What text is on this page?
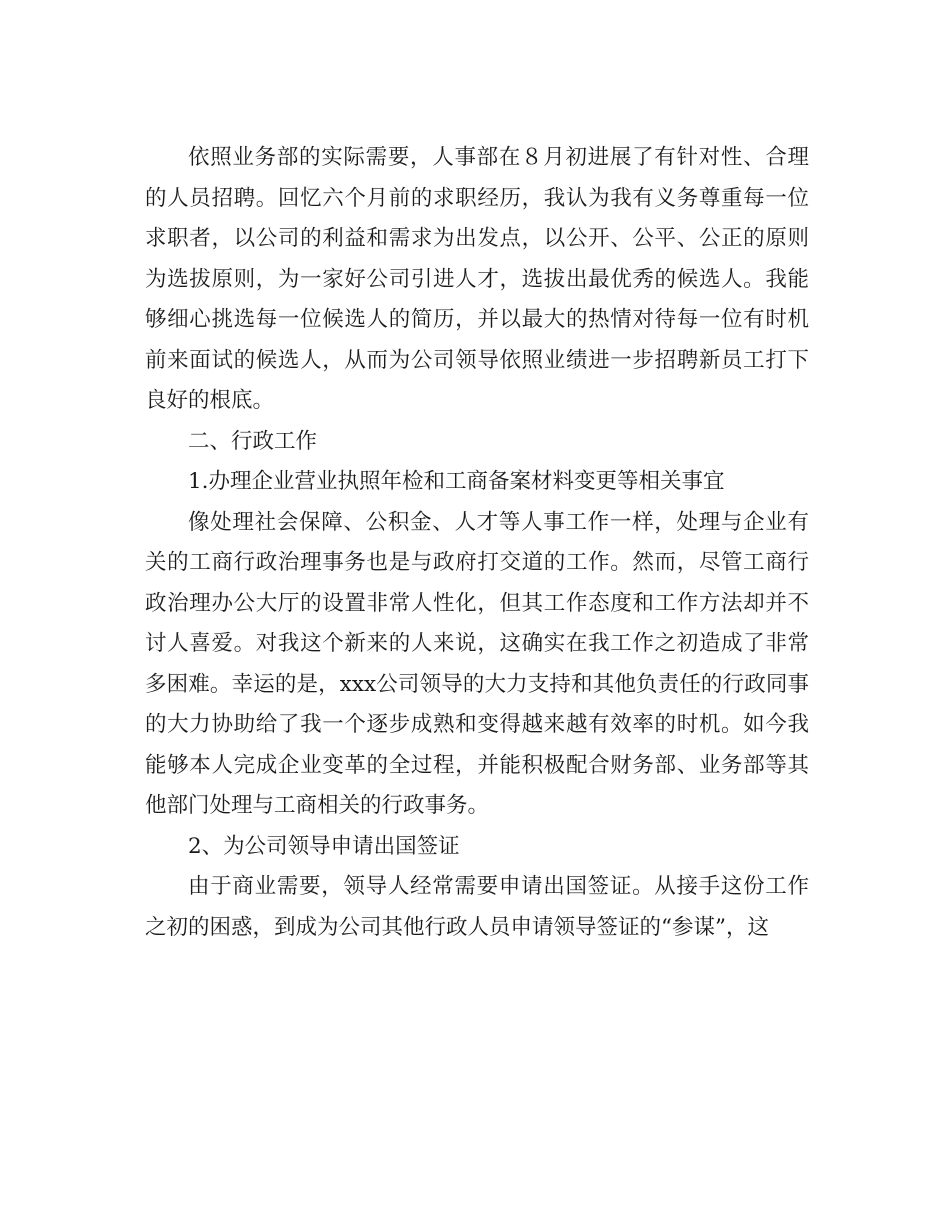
依照业务部的实际需要，人事部在８月初进展了有针对性、合理的人员招聘。回忆六个月前的求职经历，我认为我有义务尊重每一位求职者，以公司的利益和需求为出发点，以公开、公平、公正的原则为选拔原则，为一家好公司引进人才，选拔出最优秀的候选人。我能够细心挑选每一位候选人的简历，并以最大的热情对待每一位有时机前来面试的候选人，从而为公司领导依照业绩进一步招聘新员工打下良好的根底。

二、行政工作

1.办理企业营业执照年检和工商备案材料变更等相关事宜

像处理社会保障、公积金、人才等人事工作一样，处理与企业有关的工商行政治理事务也是与政府打交道的工作。然而，尽管工商行政治理办公大厅的设置非常人性化，但其工作态度和工作方法却并不讨人喜爱。对我这个新来的人来说，这确实在我工作之初造成了非常多困难。幸运的是，xxx公司领导的大力支持和其他负责任的行政同事的大力协助给了我一个逐步成熟和变得越来越有效率的时机。如今我能够本人完成企业变革的全过程，并能积极配合财务部、业务部等其他部门处理与工商相关的行政事务。

2、为公司领导申请出国签证

由于商业需要，领导人经常需要申请出国签证。从接手这份工作之初的困惑，到成为公司其他行政人员申请领导签证的“参谋”，这
